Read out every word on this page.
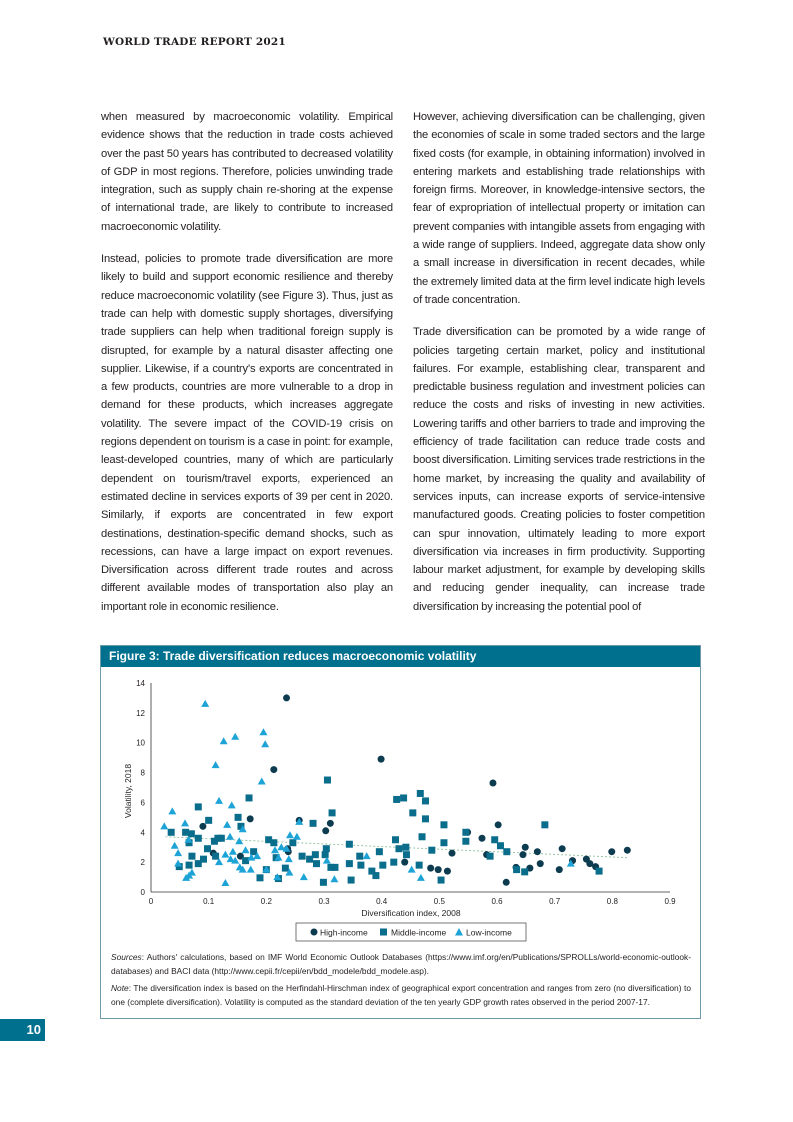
WORLD TRADE REPORT 2021

when measured by macroeconomic volatility. Empirical evidence shows that the reduction in trade costs achieved over the past 50 years has contributed to decreased volatility of GDP in most regions. Therefore, policies unwinding trade integration, such as supply chain re-shoring at the expense of international trade, are likely to contribute to increased macroeconomic volatility.

Instead, policies to promote trade diversification are more likely to build and support economic resilience and thereby reduce macroeconomic volatility (see Figure 3). Thus, just as trade can help with domestic supply shortages, diversifying trade suppliers can help when traditional foreign supply is disrupted, for example by a natural disaster affecting one supplier. Likewise, if a country's exports are concentrated in a few products, countries are more vulnerable to a drop in demand for these products, which increases aggregate volatility. The severe impact of the COVID-19 crisis on regions dependent on tourism is a case in point: for example, least-developed countries, many of which are particularly dependent on tourism/travel exports, experienced an estimated decline in services exports of 39 per cent in 2020. Similarly, if exports are concentrated in few export destinations, destination-specific demand shocks, such as recessions, can have a large impact on export revenues. Diversification across different trade routes and across different available modes of transportation also play an important role in economic resilience.

However, achieving diversification can be challenging, given the economies of scale in some traded sectors and the large fixed costs (for example, in obtaining information) involved in entering markets and establishing trade relationships with foreign firms. Moreover, in knowledge-intensive sectors, the fear of expropriation of intellectual property or imitation can prevent companies with intangible assets from engaging with a wide range of suppliers. Indeed, aggregate data show only a small increase in diversification in recent decades, while the extremely limited data at the firm level indicate high levels of trade concentration.

Trade diversification can be promoted by a wide range of policies targeting certain market, policy and institutional failures. For example, establishing clear, transparent and predictable business regulation and investment policies can reduce the costs and risks of investing in new activities. Lowering tariffs and other barriers to trade and improving the efficiency of trade facilitation can reduce trade costs and boost diversification. Limiting services trade restrictions in the home market, by increasing the quality and availability of services inputs, can increase exports of service-intensive manufactured goods. Creating policies to foster competition can spur innovation, ultimately leading to more export diversification via increases in firm productivity. Supporting labour market adjustment, for example by developing skills and reducing gender inequality, can increase trade diversification by increasing the potential pool of

Figure 3: Trade diversification reduces macroeconomic volatility
0	0.1	0.2	0.3	0.4	0.5	0.6	0.7	0.8	0.9
0
2
4
6
8
10
12
14
Diversification index, 2008
Volatility, 2018
High-income	Middle-income Low-income

Sources: Authors' calculations, based on IMF World Economic Outlook Databases (https://www.imf.org/en/Publications/SPROLLs/world-economic-outlook-databases) and BACI data (http://www.cepii.fr/cepii/en/bdd_modele/bdd_modele.asp).

Note: The diversification index is based on the Herfindahl-Hirschman index of geographical export concentration and ranges from zero (no diversification) to one (complete diversification). Volatility is computed as the standard deviation of the ten yearly GDP growth rates observed in the period 2007-17.

10
